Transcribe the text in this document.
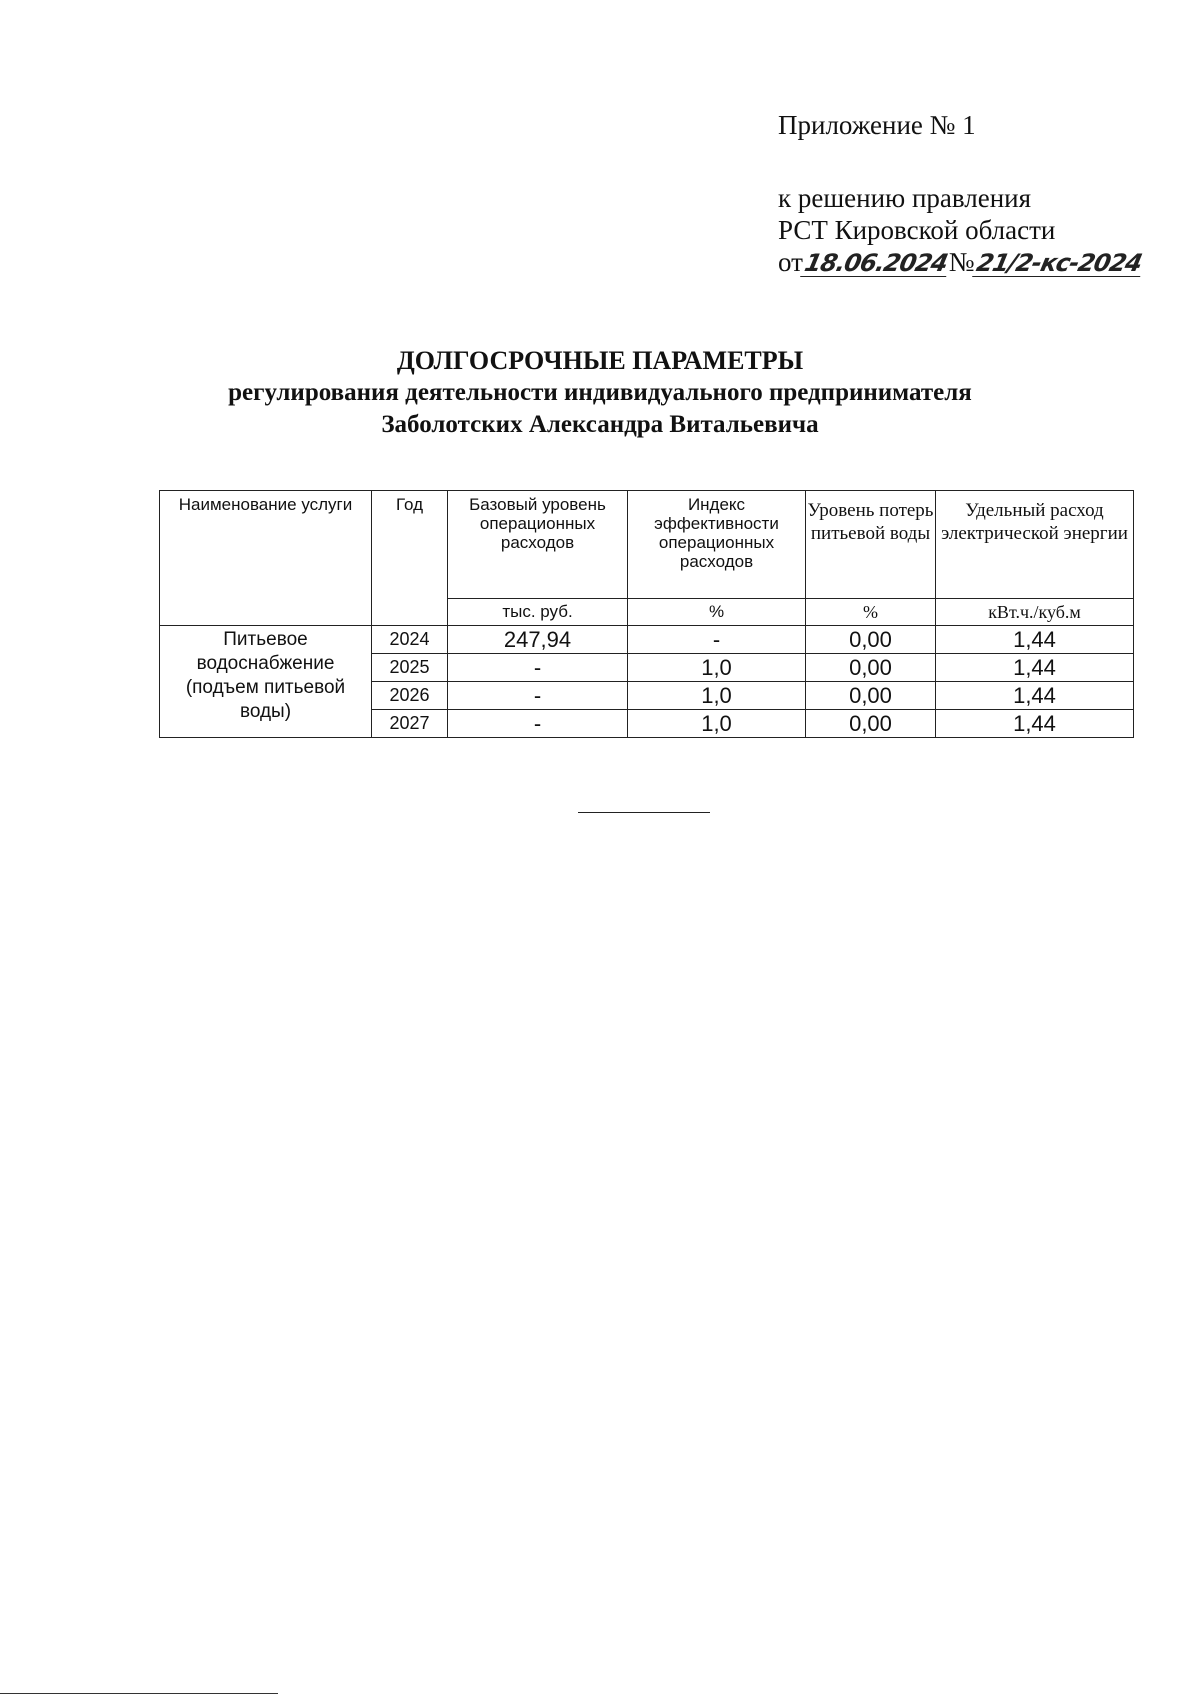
Приложение № 1
к решению правления
РСТ Кировской области
от18.06.2024№21/2-кс-2024
ДОЛГОСРОЧНЫЕ ПАРАМЕТРЫ
регулирования деятельности индивидуального предпринимателя
Заболотских Александра Витальевича
Наименование услуги	Год	Базовый уровень операционных расходов	Индекс эффективности операционных расходов	Уровень потерь питьевой воды	Удельный расход электрической энергии
		тыс. руб.	%	%	кВт.ч./куб.м
Питьевое водоснабжение (подъем питьевой воды)	2024	247,94	-	0,00	1,44
	2025	-	1,0	0,00	1,44
	2026	-	1,0	0,00	1,44
	2027	-	1,0	0,00	1,44
